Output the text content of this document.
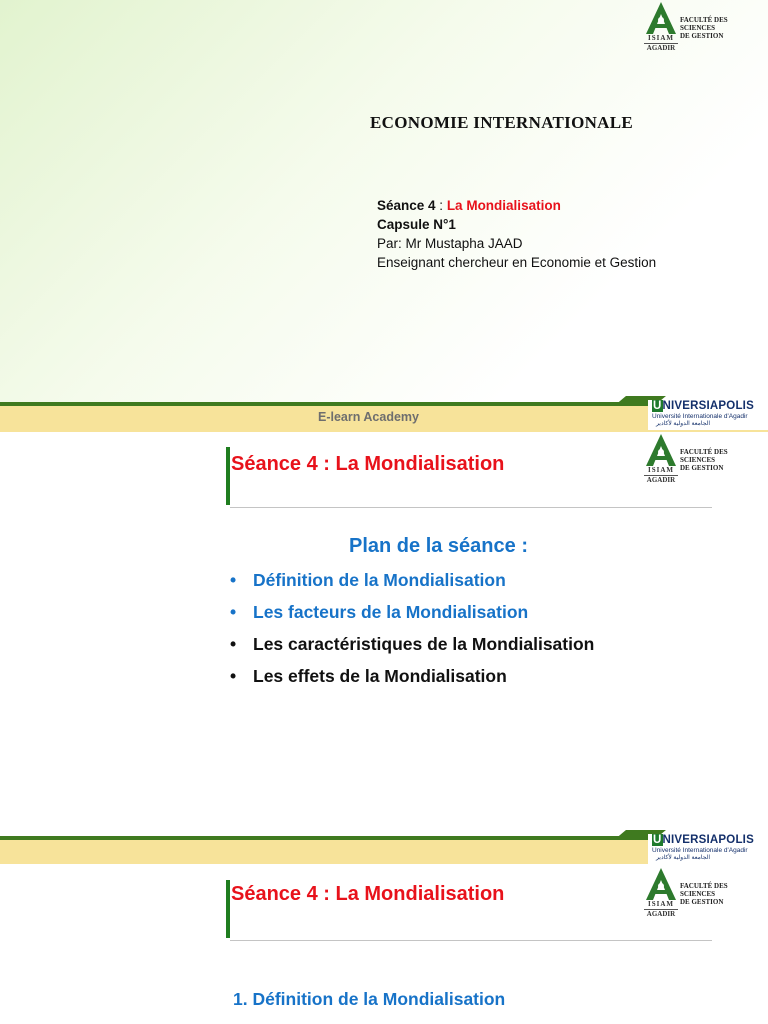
ISIAM
AGADIR
FACULTÉ DES SCIENCES
DE GESTION
ECONOMIE INTERNATIONALE
Séance 4 : La Mondialisation
Capsule N°1
Par: Mr Mustapha JAAD
Enseignant chercheur en Economie et Gestion
E-learn Academy
UNIVERSIAPOLIS
Université Internationale d'Agadir
الجامعة الدولية لأكادير
Séance 4 : La Mondialisation	ISIAM
AGADIR
FACULTÉ DES SCIENCES
DE GESTION
Plan de la séance :
• Définition de la Mondialisation
• Les facteurs de la Mondialisation
• Les caractéristiques de la Mondialisation
• Les effets de la Mondialisation
UNIVERSIAPOLIS
Université Internationale d'Agadir
الجامعة الدولية لأكادير
Séance 4 : La Mondialisation	ISIAM
AGADIR
FACULTÉ DES SCIENCES
DE GESTION
1. Définition de la Mondialisation
